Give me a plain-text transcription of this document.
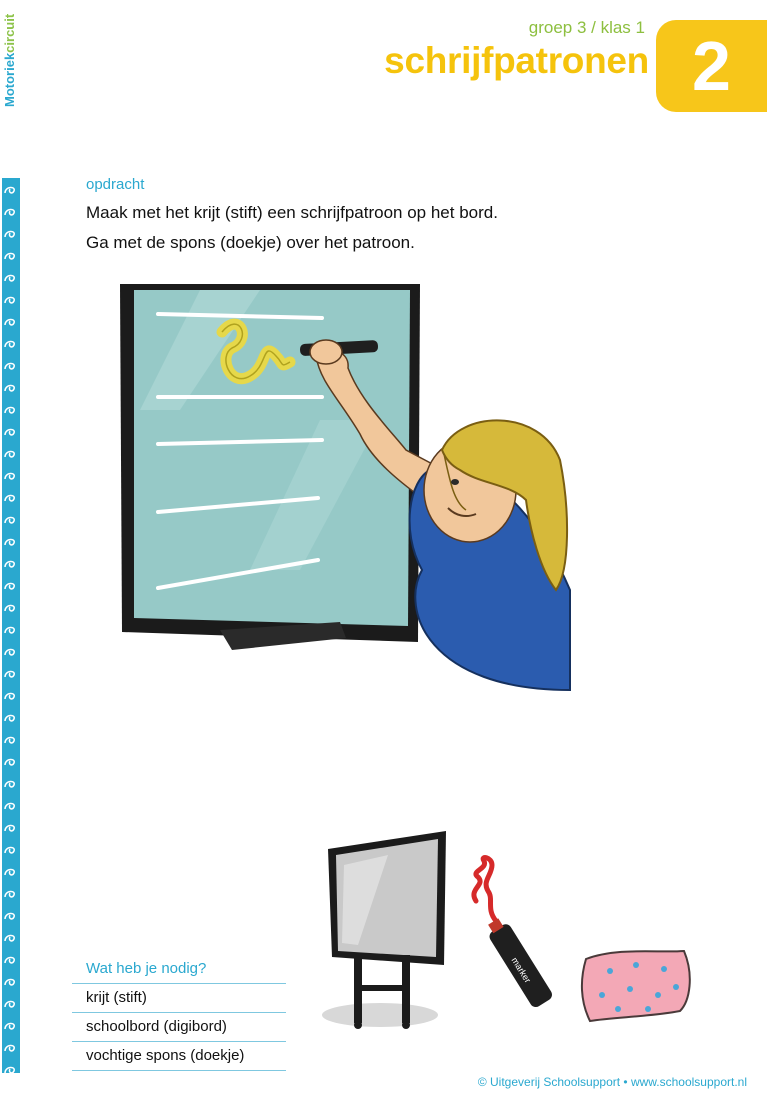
Motoriekcircuit	groep 3 / klas 1
schrijfpatronen 2
opdracht
Maak met het krijt (stift) een schrijfpatroon op het bord.
Ga met de spons (doekje) over het patroon.
marker
Wat heb je nodig?
krijt (stift)
schoolbord (digibord)
vochtige spons (doekje)
© Uitgeverij Schoolsupport • www.schoolsupport.nl
